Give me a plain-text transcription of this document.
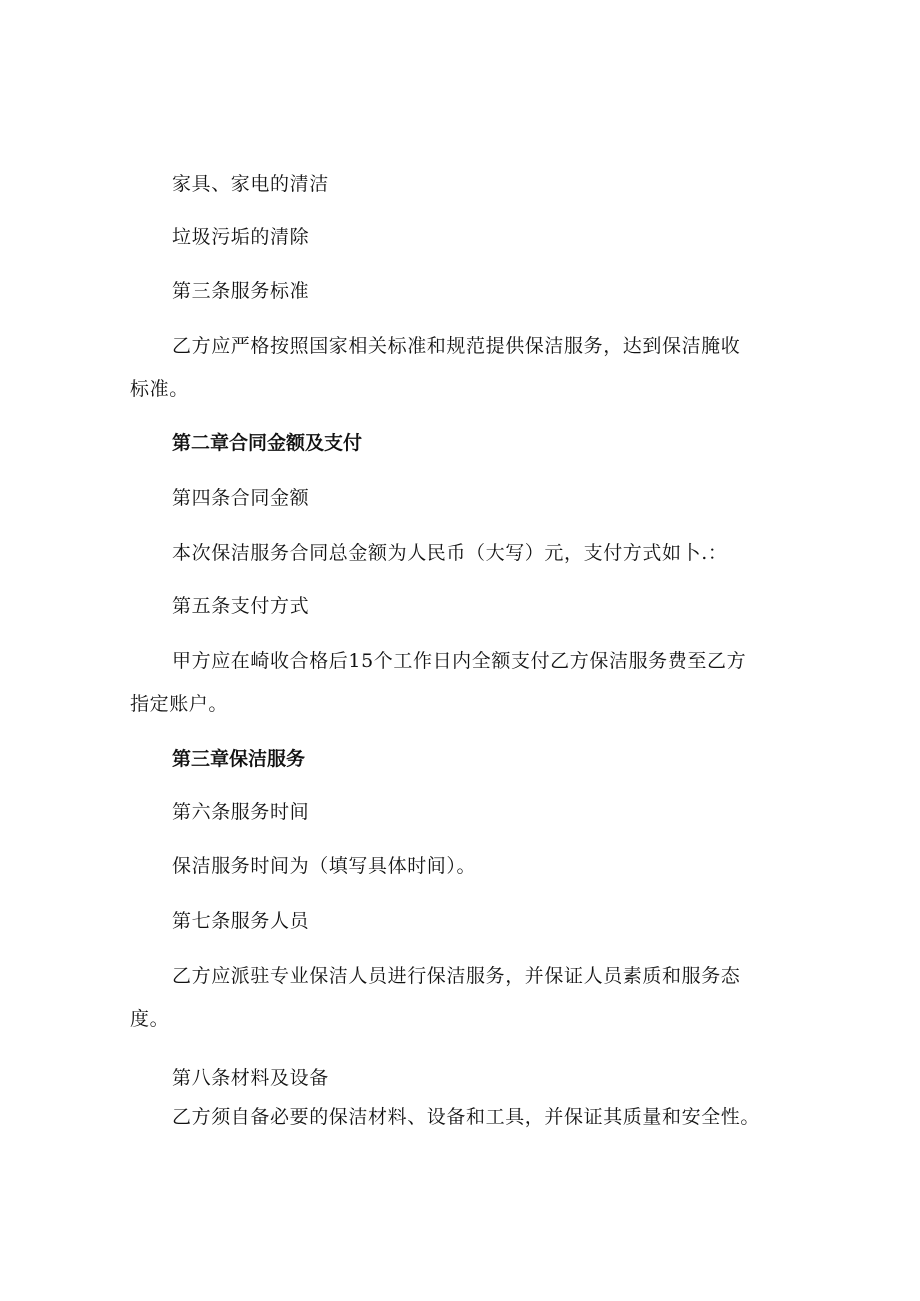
家具、家电的清洁
垃圾污垢的清除
第三条服务标准
乙方应严格按照国家相关标准和规范提供保洁服务，达到保洁腌收
标准。
第二章合同金额及支付
第四条合同金额
本次保洁服务合同总金额为人民币（大写）元，支付方式如卜.：
第五条支付方式
甲方应在崎收合格后15个工作日内全额支付乙方保洁服务费至乙方
指定账户。
第三章保洁服务
第六条服务时间
保洁服务时间为（填写具体时间）。
第七条服务人员
乙方应派驻专业保洁人员进行保洁服务，并保证人员素质和服务态
度。
第八条材料及设备
乙方须自备必要的保洁材料、设备和工具，并保证其质量和安全性。
